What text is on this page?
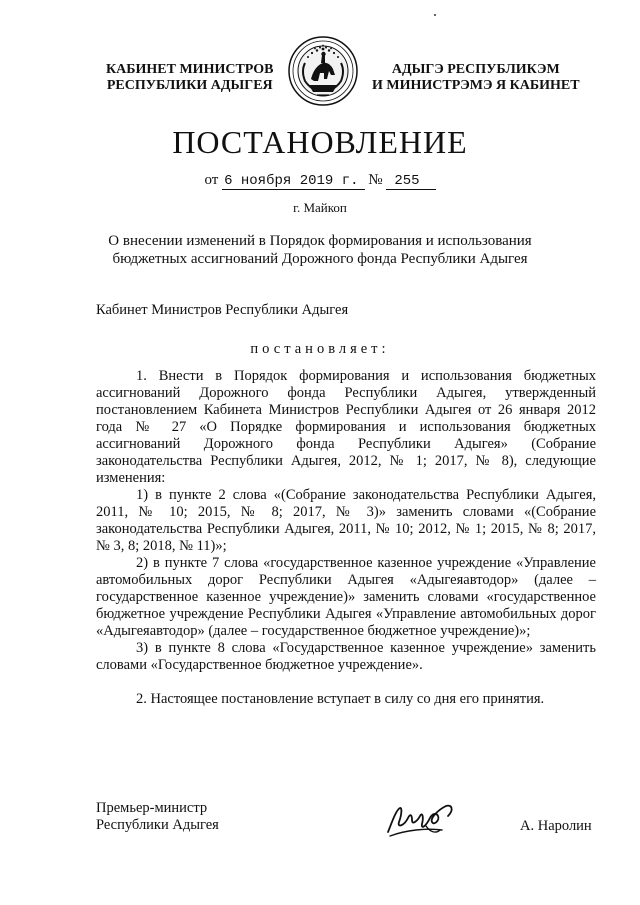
КАБИНЕТ МИНИСТРОВ
РЕСПУБЛИКИ АДЫГЕЯ
АДЫГЭ РЕСПУБЛИКЭМ
И МИНИСТРЭМЭ Я КАБИНЕТ
ПОСТАНОВЛЕНИЕ
от 6 ноября 2019 г. № 255
г. Майкоп
О внесении изменений в Порядок формирования и использования
бюджетных ассигнований Дорожного фонда Республики Адыгея
Кабинет Министров Республики Адыгея
постановляет:

1. Внести в Порядок формирования и использования бюджетных ассигнований Дорожного фонда Республики Адыгея, утвержденный постановлением Кабинета Министров Республики Адыгея от 26 января 2012 года № 27 «О Порядке формирования и использования бюджетных ассигнований Дорожного фонда Республики Адыгея» (Собрание законодательства Республики Адыгея, 2012, № 1; 2017, № 8), следующие изменения:

1) в пункте 2 слова «(Собрание законодательства Республики Адыгея, 2011, № 10; 2015, № 8; 2017, № 3)» заменить словами «(Собрание законодательства Республики Адыгея, 2011, № 10; 2012, № 1; 2015, № 8; 2017, № 3, 8; 2018, № 11)»;

2) в пункте 7 слова «государственное казенное учреждение «Управление автомобильных дорог Республики Адыгея «Адыгеяавтодор» (далее – государственное казенное учреждение)» заменить словами «государственное бюджетное учреждение Республики Адыгея «Управление автомобильных дорог «Адыгеяавтодор» (далее – государственное бюджетное учреждение)»;

3) в пункте 8 слова «Государственное казенное учреждение» заменить словами «Государственное бюджетное учреждение».

2. Настоящее постановление вступает в силу со дня его принятия.

Премьер-министр
Республики Адыгея	А. Наролин
